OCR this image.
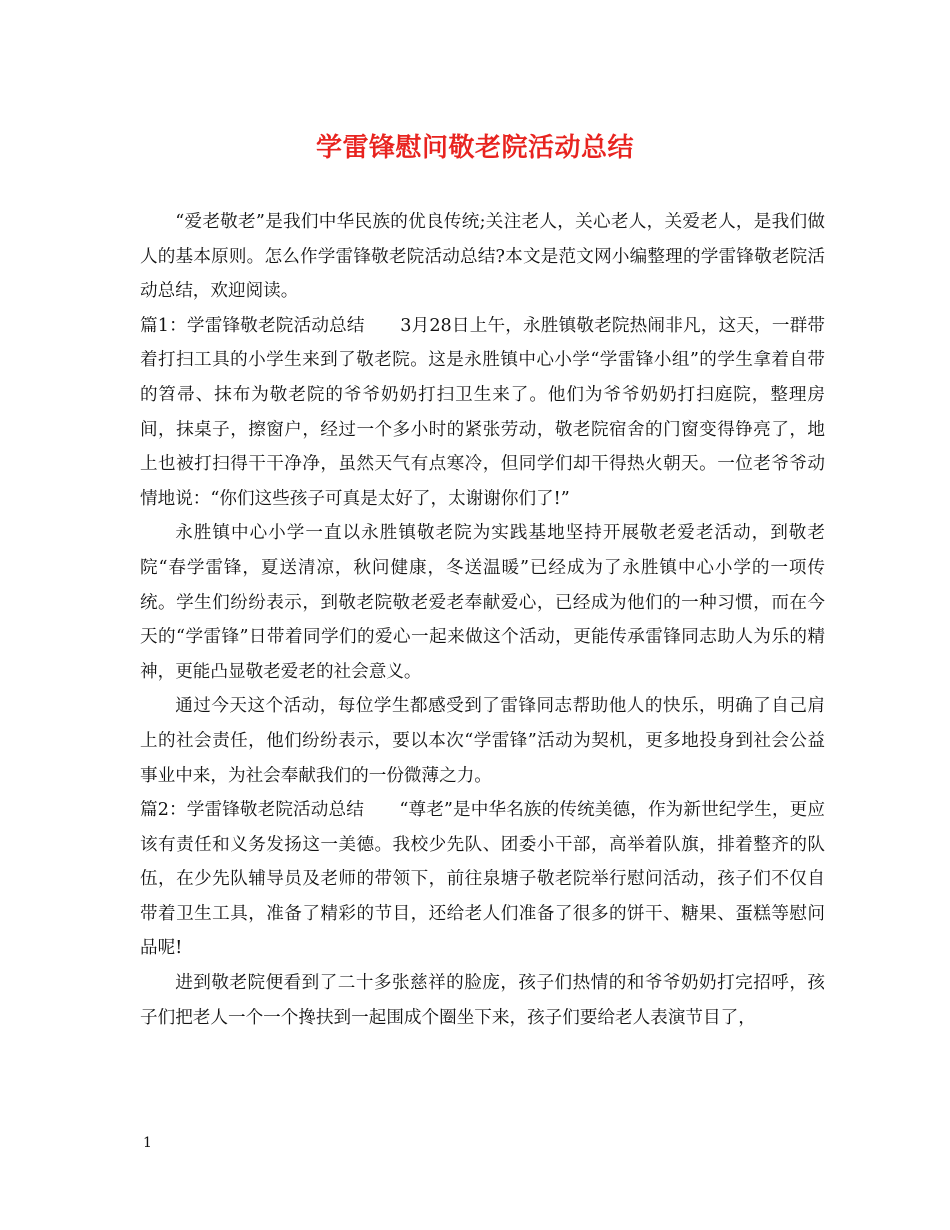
学雷锋慰问敬老院活动总结

“爱老敬老”是我们中华民族的优良传统;关注老人，关心老人，关爱老人，是我们做人的基本原则。怎么作学雷锋敬老院活动总结?本文是范文网小编整理的学雷锋敬老院活动总结，欢迎阅读。

篇1：学雷锋敬老院活动总结　　3月28日上午，永胜镇敬老院热闹非凡，这天，一群带着打扫工具的小学生来到了敬老院。这是永胜镇中心小学“学雷锋小组”的学生拿着自带的笤帚、抹布为敬老院的爷爷奶奶打扫卫生来了。他们为爷爷奶奶打扫庭院，整理房间，抹桌子，擦窗户，经过一个多小时的紧张劳动，敬老院宿舍的门窗变得铮亮了，地上也被打扫得干干净净，虽然天气有点寒冷，但同学们却干得热火朝天。一位老爷爷动情地说：“你们这些孩子可真是太好了，太谢谢你们了!”

永胜镇中心小学一直以永胜镇敬老院为实践基地坚持开展敬老爱老活动，到敬老院“春学雷锋，夏送清凉，秋问健康，冬送温暖”已经成为了永胜镇中心小学的一项传统。学生们纷纷表示，到敬老院敬老爱老奉献爱心，已经成为他们的一种习惯，而在今天的“学雷锋”日带着同学们的爱心一起来做这个活动，更能传承雷锋同志助人为乐的精神，更能凸显敬老爱老的社会意义。

通过今天这个活动，每位学生都感受到了雷锋同志帮助他人的快乐，明确了自己肩上的社会责任，他们纷纷表示，要以本次“学雷锋”活动为契机，更多地投身到社会公益事业中来，为社会奉献我们的一份微薄之力。

篇2：学雷锋敬老院活动总结　　“尊老”是中华名族的传统美德，作为新世纪学生，更应该有责任和义务发扬这一美德。我校少先队、团委小干部，高举着队旗，排着整齐的队伍，在少先队辅导员及老师的带领下，前往泉塘子敬老院举行慰问活动，孩子们不仅自带着卫生工具，准备了精彩的节目，还给老人们准备了很多的饼干、糖果、蛋糕等慰问品呢!

进到敬老院便看到了二十多张慈祥的脸庞，孩子们热情的和爷爷奶奶打完招呼，孩子们把老人一个一个搀扶到一起围成个圈坐下来，孩子们要给老人表演节目了，

1
